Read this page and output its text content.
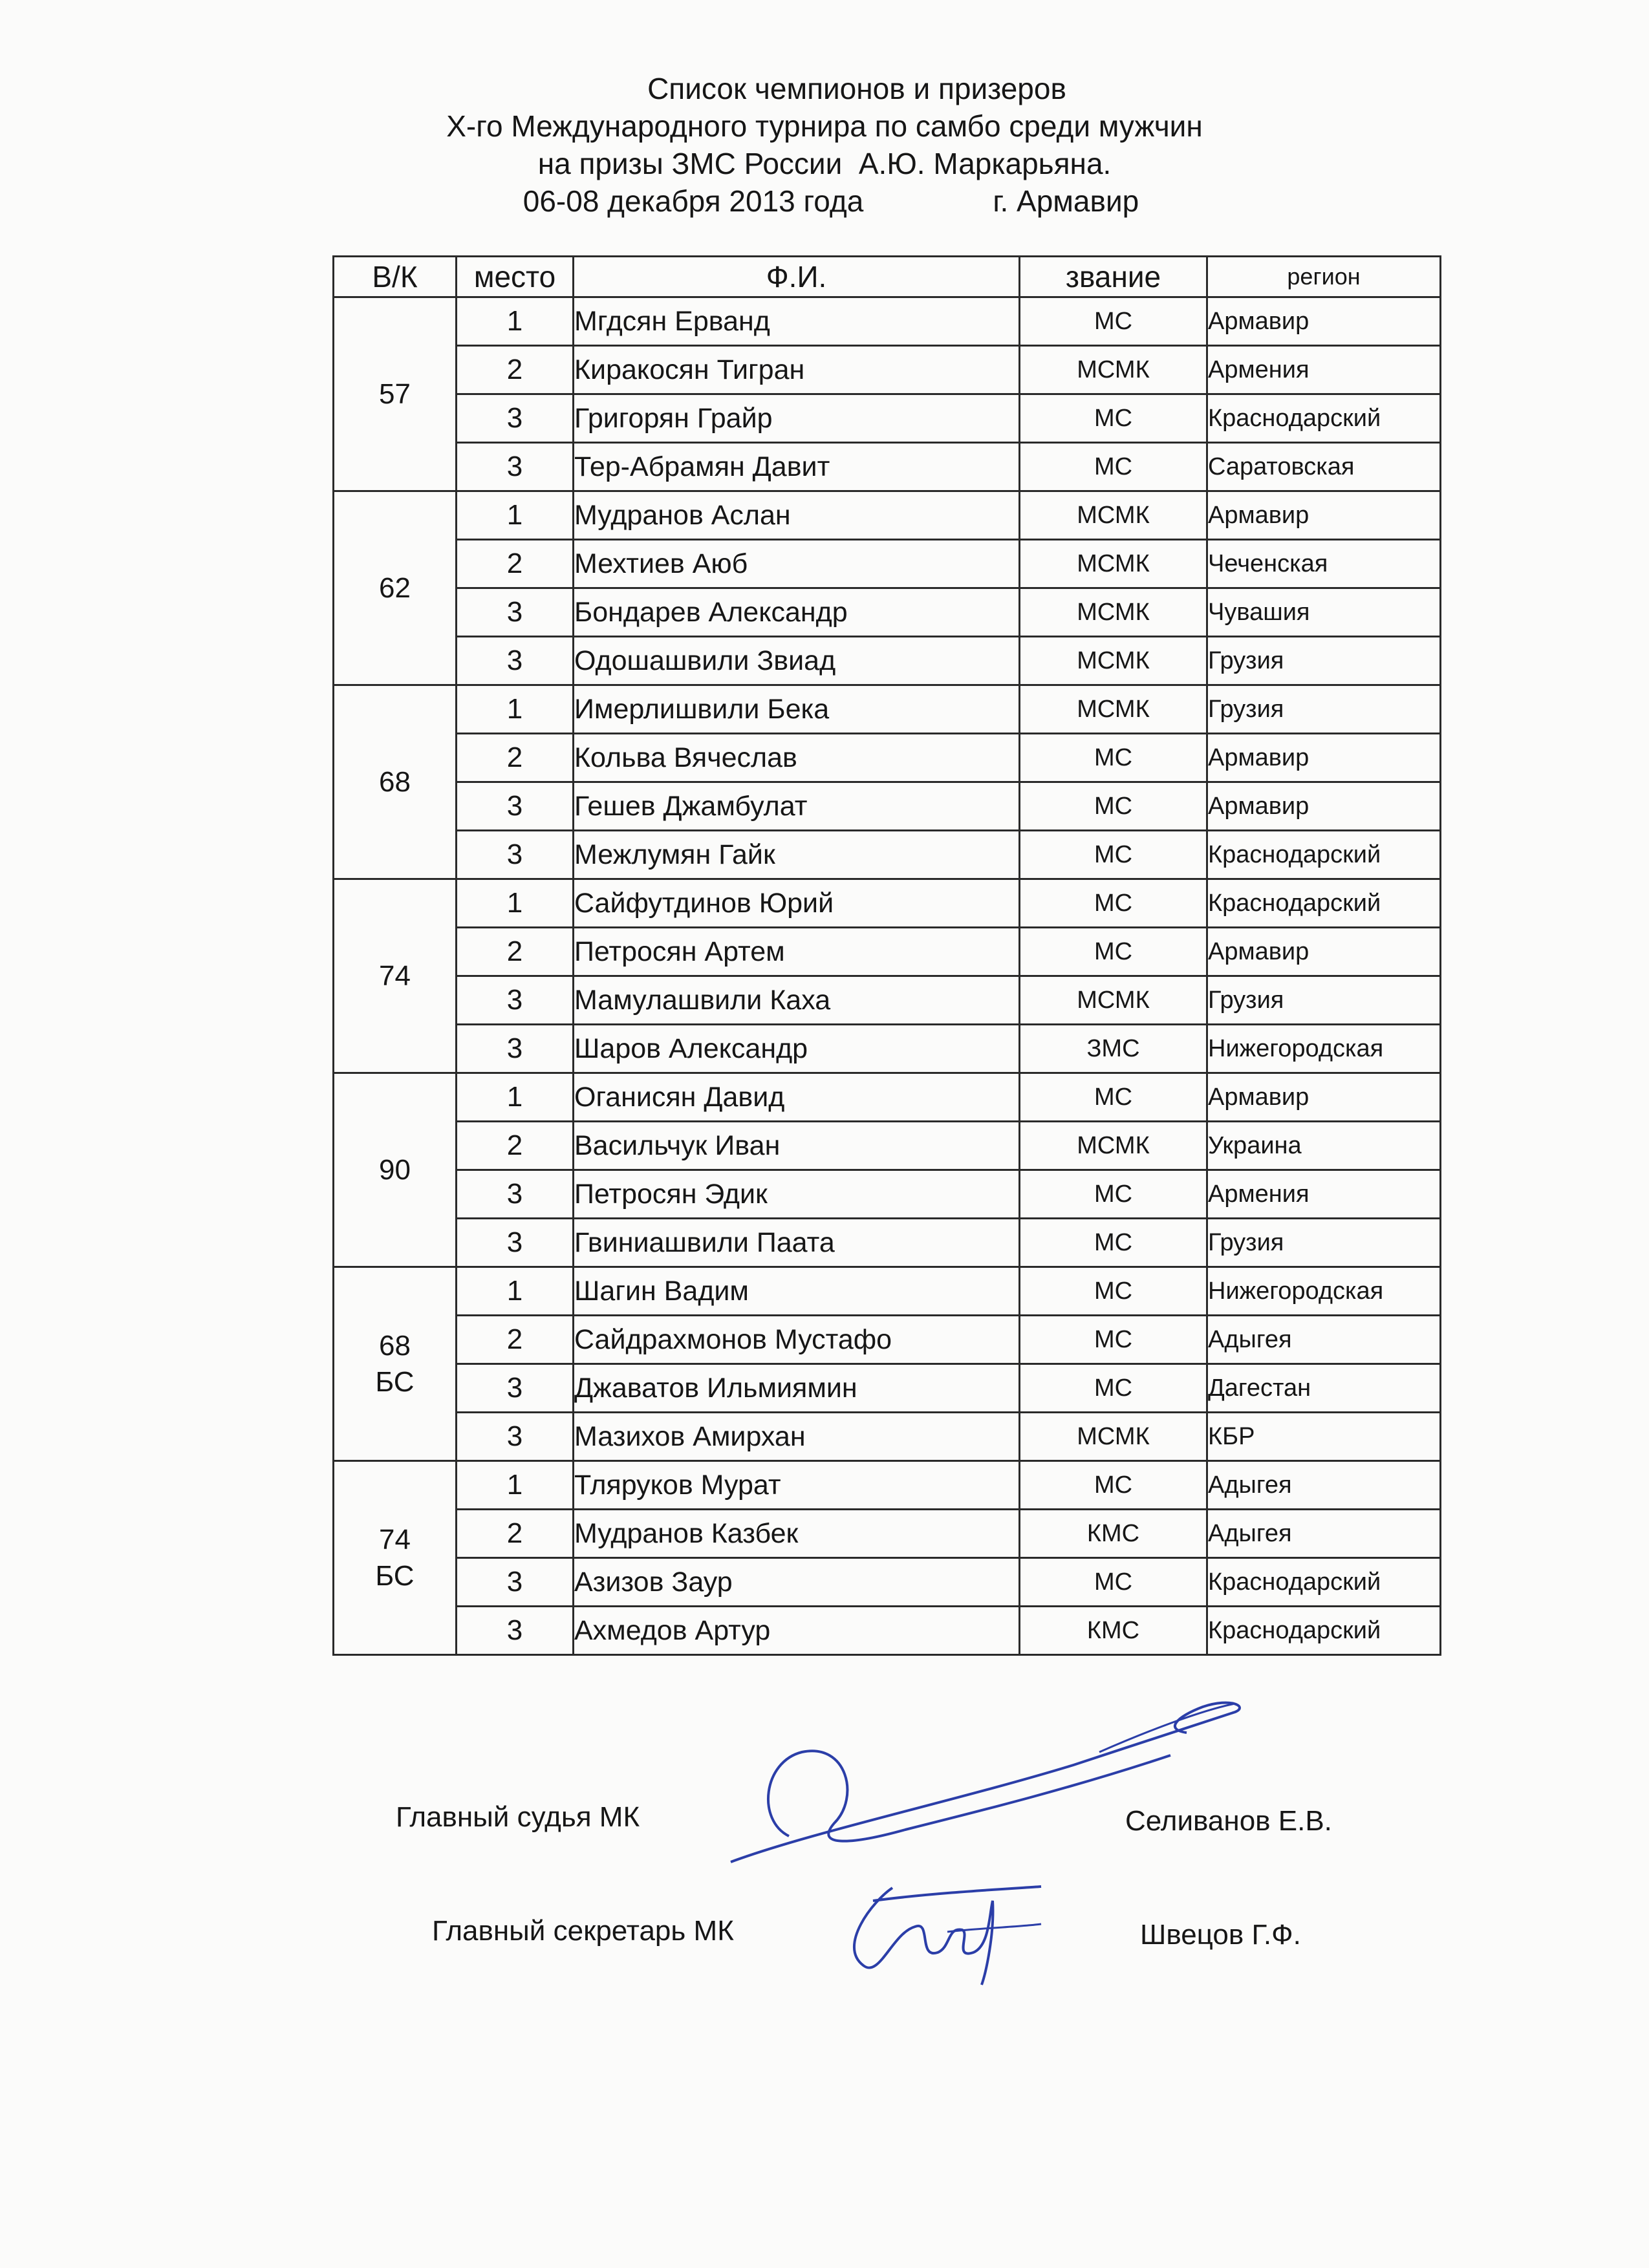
Список чемпионов и призеров

X-го Международного турнира по самбо среди мужчин

на призы ЗМС России  А.Ю. Маркарьяна.

06-08 декабря 2013 года	г. Армавир

В/К	место	Ф.И.	звание	регион

57	1	Мгдсян Ерванд	МС	Армавир
	2	Киракосян Тигран	МСМК	Армения
	3	Григорян Грайр	МС	Краснодарский
	3	Тер-Абрамян Давит	МС	Саратовская

62	1	Мудранов Аслан	МСМК	Армавир
	2	Мехтиев Аюб	МСМК	Чеченская
	3	Бондарев Александр	МСМК	Чувашия
	3	Одошашвили Звиад	МСМК	Грузия

68	1	Имерлишвили Бека	МСМК	Грузия
	2	Кольва Вячеслав	МС	Армавир
	3	Гешев Джамбулат	МС	Армавир
	3	Межлумян Гайк	МС	Краснодарский

74	1	Сайфутдинов Юрий	МС	Краснодарский
	2	Петросян Артем	МС	Армавир
	3	Мамулашвили Каха	МСМК	Грузия
	3	Шаров Александр	ЗМС	Нижегородская

90	1	Оганисян Давид	МС	Армавир
	2	Васильчук Иван	МСМК	Украина
	3	Петросян Эдик	МС	Армения
	3	Гвиниашвили Паата	МС	Грузия

68
БС	1	Шагин Вадим	МС	Нижегородская
	2	Сайдрахмонов Мустафо	МС	Адыгея
	3	Джаватов Ильмиямин	МС	Дагестан
	3	Мазихов Амирхан	МСМК	КБР

74
БС	1	Тляруков Мурат	МС	Адыгея
	2	Мудранов Казбек	КМС	Адыгея
	3	Азизов Заур	МС	Краснодарский
	3	Ахмедов Артур	КМС	Краснодарский
Главный судья МК	Селиванов Е.В.
Главный секретарь МК	Швецов Г.Ф.
